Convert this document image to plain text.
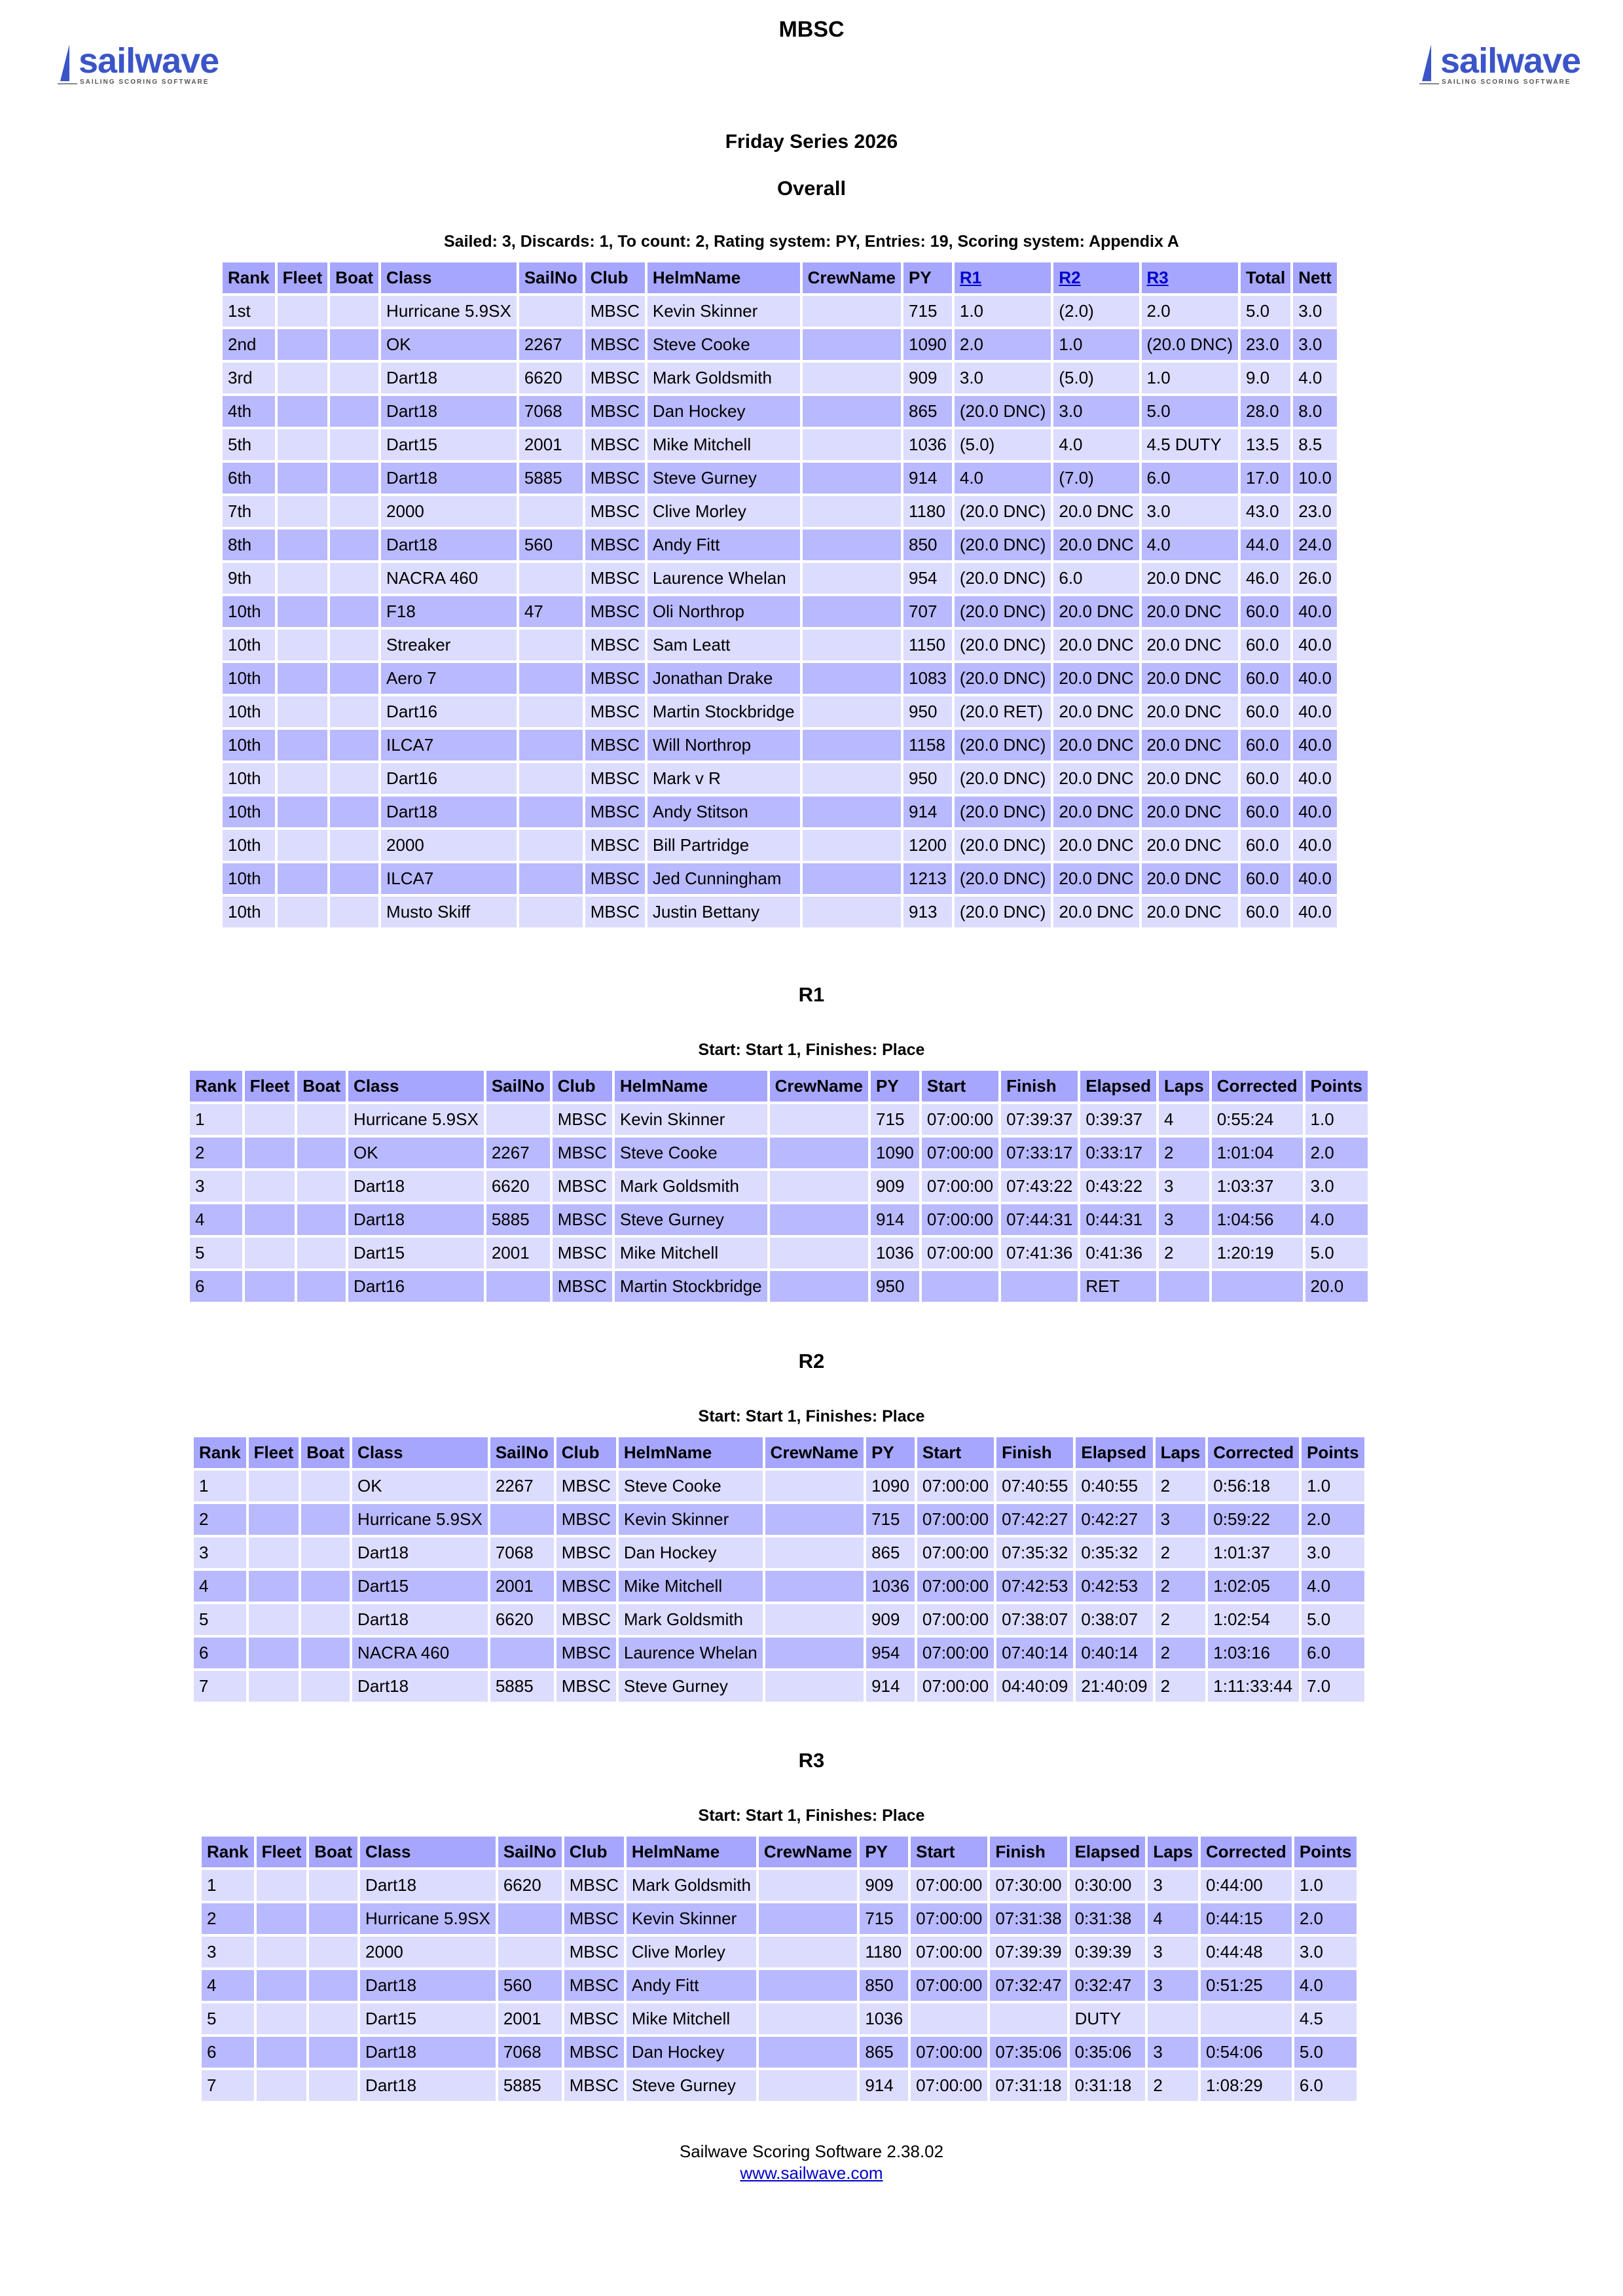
sailwave
SAILING SCORING SOFTWARE
sailwave
SAILING SCORING SOFTWARE
MBSC
Friday Series 2026
Overall
Sailed: 3, Discards: 1, To count: 2, Rating system: PY, Entries: 19, Scoring system: Appendix A
Rank	Fleet	Boat	Class	SailNo	Club	HelmName	CrewName	PY	R1	R2	R3	Total	Nett
1st			Hurricane 5.9SX		MBSC	Kevin Skinner		715	1.0	(2.0)	2.0	5.0	3.0
2nd			OK	2267	MBSC	Steve Cooke		1090	2.0	1.0	(20.0 DNC)	23.0	3.0
3rd			Dart18	6620	MBSC	Mark Goldsmith		909	3.0	(5.0)	1.0	9.0	4.0
4th			Dart18	7068	MBSC	Dan Hockey		865	(20.0 DNC)	3.0	5.0	28.0	8.0
5th			Dart15	2001	MBSC	Mike Mitchell		1036	(5.0)	4.0	4.5 DUTY	13.5	8.5
6th			Dart18	5885	MBSC	Steve Gurney		914	4.0	(7.0)	6.0	17.0	10.0
7th			2000		MBSC	Clive Morley		1180	(20.0 DNC)	20.0 DNC	3.0	43.0	23.0
8th			Dart18	560	MBSC	Andy Fitt		850	(20.0 DNC)	20.0 DNC	4.0	44.0	24.0
9th			NACRA 460		MBSC	Laurence Whelan		954	(20.0 DNC)	6.0	20.0 DNC	46.0	26.0
10th			F18	47	MBSC	Oli Northrop		707	(20.0 DNC)	20.0 DNC	20.0 DNC	60.0	40.0
10th			Streaker		MBSC	Sam Leatt		1150	(20.0 DNC)	20.0 DNC	20.0 DNC	60.0	40.0
10th			Aero 7		MBSC	Jonathan Drake		1083	(20.0 DNC)	20.0 DNC	20.0 DNC	60.0	40.0
10th			Dart16		MBSC	Martin Stockbridge		950	(20.0 RET)	20.0 DNC	20.0 DNC	60.0	40.0
10th			ILCA7		MBSC	Will Northrop		1158	(20.0 DNC)	20.0 DNC	20.0 DNC	60.0	40.0
10th			Dart16		MBSC	Mark v R		950	(20.0 DNC)	20.0 DNC	20.0 DNC	60.0	40.0
10th			Dart18		MBSC	Andy Stitson		914	(20.0 DNC)	20.0 DNC	20.0 DNC	60.0	40.0
10th			2000		MBSC	Bill Partridge		1200	(20.0 DNC)	20.0 DNC	20.0 DNC	60.0	40.0
10th			ILCA7		MBSC	Jed Cunningham		1213	(20.0 DNC)	20.0 DNC	20.0 DNC	60.0	40.0
10th			Musto Skiff		MBSC	Justin Bettany		913	(20.0 DNC)	20.0 DNC	20.0 DNC	60.0	40.0
R1
Start: Start 1, Finishes: Place
Rank	Fleet	Boat	Class	SailNo	Club	HelmName	CrewName	PY	Start	Finish	Elapsed	Laps	Corrected	Points
1			Hurricane 5.9SX		MBSC	Kevin Skinner		715	07:00:00	07:39:37	0:39:37	4	0:55:24	1.0
2			OK	2267	MBSC	Steve Cooke		1090	07:00:00	07:33:17	0:33:17	2	1:01:04	2.0
3			Dart18	6620	MBSC	Mark Goldsmith		909	07:00:00	07:43:22	0:43:22	3	1:03:37	3.0
4			Dart18	5885	MBSC	Steve Gurney		914	07:00:00	07:44:31	0:44:31	3	1:04:56	4.0
5			Dart15	2001	MBSC	Mike Mitchell		1036	07:00:00	07:41:36	0:41:36	2	1:20:19	5.0
6			Dart16		MBSC	Martin Stockbridge		950			RET			20.0
R2
Start: Start 1, Finishes: Place
Rank	Fleet	Boat	Class	SailNo	Club	HelmName	CrewName	PY	Start	Finish	Elapsed	Laps	Corrected	Points
1			OK	2267	MBSC	Steve Cooke		1090	07:00:00	07:40:55	0:40:55	2	0:56:18	1.0
2			Hurricane 5.9SX		MBSC	Kevin Skinner		715	07:00:00	07:42:27	0:42:27	3	0:59:22	2.0
3			Dart18	7068	MBSC	Dan Hockey		865	07:00:00	07:35:32	0:35:32	2	1:01:37	3.0
4			Dart15	2001	MBSC	Mike Mitchell		1036	07:00:00	07:42:53	0:42:53	2	1:02:05	4.0
5			Dart18	6620	MBSC	Mark Goldsmith		909	07:00:00	07:38:07	0:38:07	2	1:02:54	5.0
6			NACRA 460		MBSC	Laurence Whelan		954	07:00:00	07:40:14	0:40:14	2	1:03:16	6.0
7			Dart18	5885	MBSC	Steve Gurney		914	07:00:00	04:40:09	21:40:09	2	1:11:33:44	7.0
R3
Start: Start 1, Finishes: Place
Rank	Fleet	Boat	Class	SailNo	Club	HelmName	CrewName	PY	Start	Finish	Elapsed	Laps	Corrected	Points
1			Dart18	6620	MBSC	Mark Goldsmith		909	07:00:00	07:30:00	0:30:00	3	0:44:00	1.0
2			Hurricane 5.9SX		MBSC	Kevin Skinner		715	07:00:00	07:31:38	0:31:38	4	0:44:15	2.0
3			2000		MBSC	Clive Morley		1180	07:00:00	07:39:39	0:39:39	3	0:44:48	3.0
4			Dart18	560	MBSC	Andy Fitt		850	07:00:00	07:32:47	0:32:47	3	0:51:25	4.0
5			Dart15	2001	MBSC	Mike Mitchell		1036			DUTY			4.5
6			Dart18	7068	MBSC	Dan Hockey		865	07:00:00	07:35:06	0:35:06	3	0:54:06	5.0
7			Dart18	5885	MBSC	Steve Gurney		914	07:00:00	07:31:18	0:31:18	2	1:08:29	6.0
Sailwave Scoring Software 2.38.02
www.sailwave.com
